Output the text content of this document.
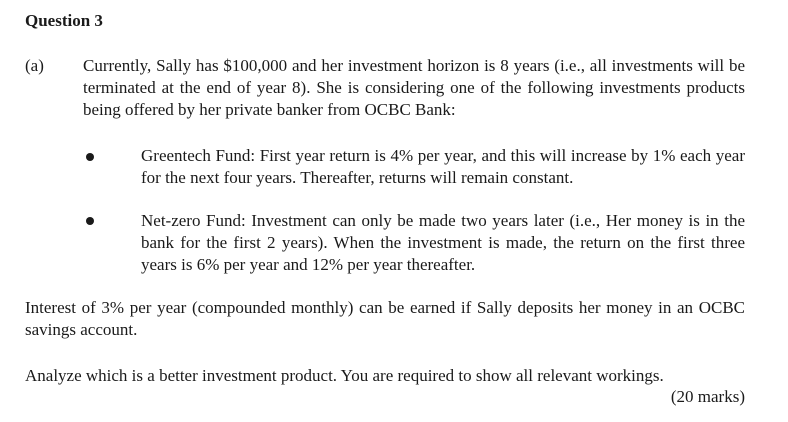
Question 3
(a) Currently, Sally has $100,000 and her investment horizon is 8 years (i.e., all investments will be terminated at the end of year 8). She is considering one of the following investments products being offered by her private banker from OCBC Bank:

Greentech Fund: First year return is 4% per year, and this will increase by 1% each year for the next four years. Thereafter, returns will remain constant.

Net-zero Fund: Investment can only be made two years later (i.e., Her money is in the bank for the first 2 years). When the investment is made, the return on the first three years is 6% per year and 12% per year thereafter.

Interest of 3% per year (compounded monthly) can be earned if Sally deposits her money in an OCBC savings account.

Analyze which is a better investment product. You are required to show all relevant workings.

(20 marks)
